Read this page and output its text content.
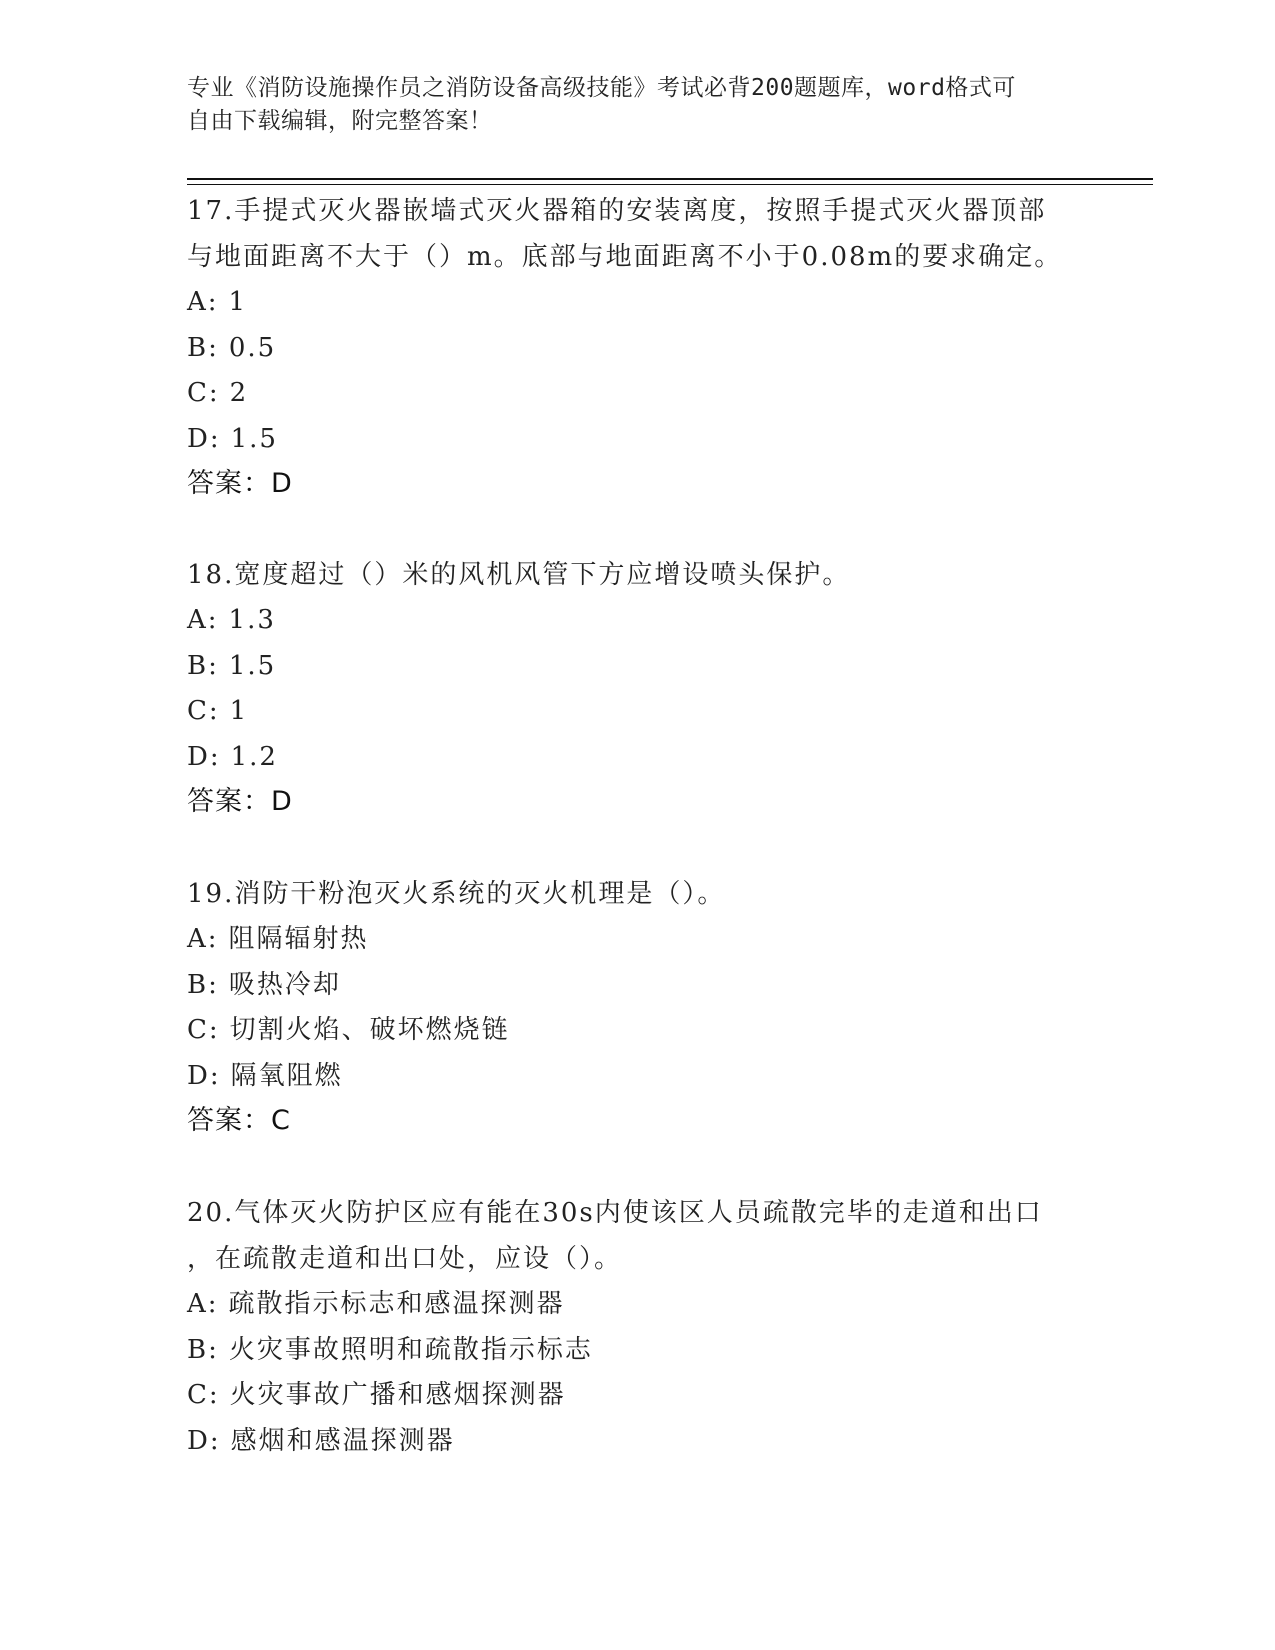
专业《消防设施操作员之消防设备高级技能》考试必背200题题库，word格式可
自由下载编辑，附完整答案！

17.手提式灭火器嵌墙式灭火器箱的安装离度，按照手提式灭火器顶部
与地面距离不大于（）m。底部与地面距离不小于0.08m的要求确定。

A: 1

B: 0.5

C: 2

D: 1.5

答案：D

18.宽度超过（）米的风机风管下方应增设喷头保护。

A: 1.3

B: 1.5

C: 1

D: 1.2

答案：D

19.消防干粉泡灭火系统的灭火机理是（）。

A: 阻隔辐射热

B: 吸热冷却

C: 切割火焰、破坏燃烧链

D: 隔氧阻燃

答案：C

20.气体灭火防护区应有能在30s内使该区人员疏散完毕的走道和出口
，在疏散走道和出口处，应设（）。

A: 疏散指示标志和感温探测器

B: 火灾事故照明和疏散指示标志

C: 火灾事故广播和感烟探测器

D: 感烟和感温探测器
